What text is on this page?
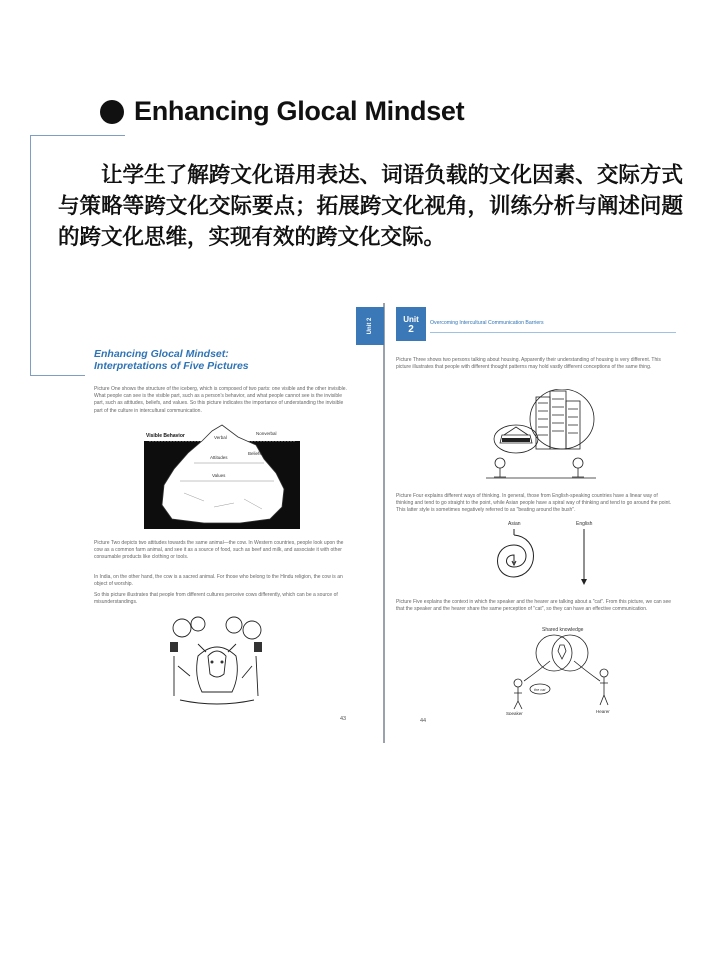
Enhancing Glocal Mindset

让学生了解跨文化语用表达、词语负载的文化因素、交际方式与策略等跨文化交际要点；拓展跨文化视角，训练分析与阐述问题的跨文化思维，实现有效的跨文化交际。

Enhancing Glocal Mindset:
Interpretations of Five Pictures

Picture One shows the structure of the iceberg, which is composed of two parts: one visible and the other invisible. What people can see is the visible part, such as a person's behavior, and what people cannot see is the invisible part, such as attitudes, beliefs, and values. So this picture indicates the importance of understanding the invisible part of the culture in intercultural communication.

Visible Behavior	Verbal
Nonverbal
Attitudes
Beliefs
Values

Picture Two depicts two attitudes towards the same animal—the cow. In Western countries, people look upon the cow as a common farm animal, and see it as a source of food, such as beef and milk, and associate it with other consumable products like clothing or tools.

In India, on the other hand, the cow is a sacred animal. For those who belong to the Hindu religion, the cow is an object of worship.

So this picture illustrates that people from different cultures perceive cows differently, which can be a source of misunderstandings.

43
Unit 2	Unit
2
Overcoming Intercultural Communication Barriers

Picture Three shows two persons talking about housing. Apparently their understanding of housing is very different. This picture illustrates that people with different thought patterns may hold vastly different conceptions of the same thing.

Picture Four explains different ways of thinking. In general, those from English-speaking countries have a linear way of thinking and tend to go straight to the point, while Asian people have a spiral way of thinking and tend to go around the point. This latter style is sometimes negatively referred to as "beating around the bush".

Asian	English

Picture Five explains the context in which the speaker and the hearer are talking about a "cat". From this picture, we can see that the speaker and the hearer share the same perception of "cat", so they can have an effective communication.

Shared knowledge
the cat
Speaker	Hearer
44
